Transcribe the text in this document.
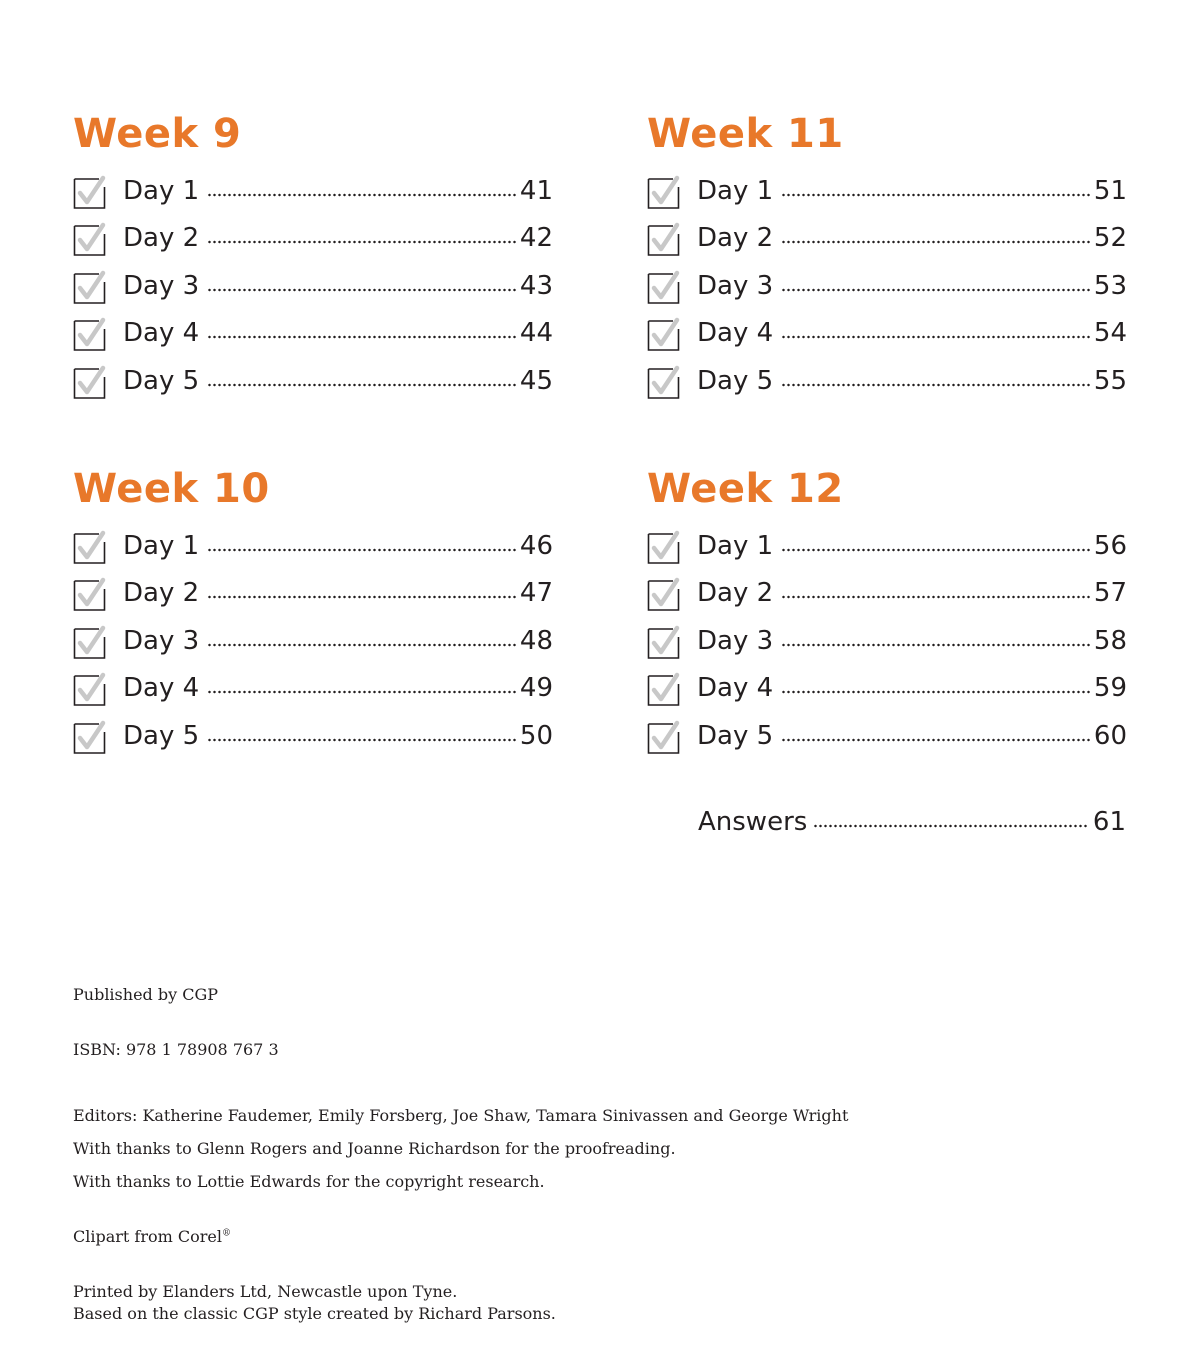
Week 9
Day 1	41
Day 2	42
Day 3	43
Day 4	44
Day 5	45
Week 11
Day 1	51
Day 2	52
Day 3	53
Day 4	54
Day 5	55
Week 10
Day 1	46
Day 2	47
Day 3	48
Day 4	49
Day 5	50
Week 12
Day 1	56
Day 2	57
Day 3	58
Day 4	59
Day 5	60
Answers	61

Published by CGP

ISBN: 978 1 78908 767 3

Editors: Katherine Faudemer, Emily Forsberg, Joe Shaw, Tamara Sinivassen and George Wright

With thanks to Glenn Rogers and Joanne Richardson for the proofreading.

With thanks to Lottie Edwards for the copyright research.

Clipart from Corel®

Printed by Elanders Ltd, Newcastle upon Tyne.

Based on the classic CGP style created by Richard Parsons.
